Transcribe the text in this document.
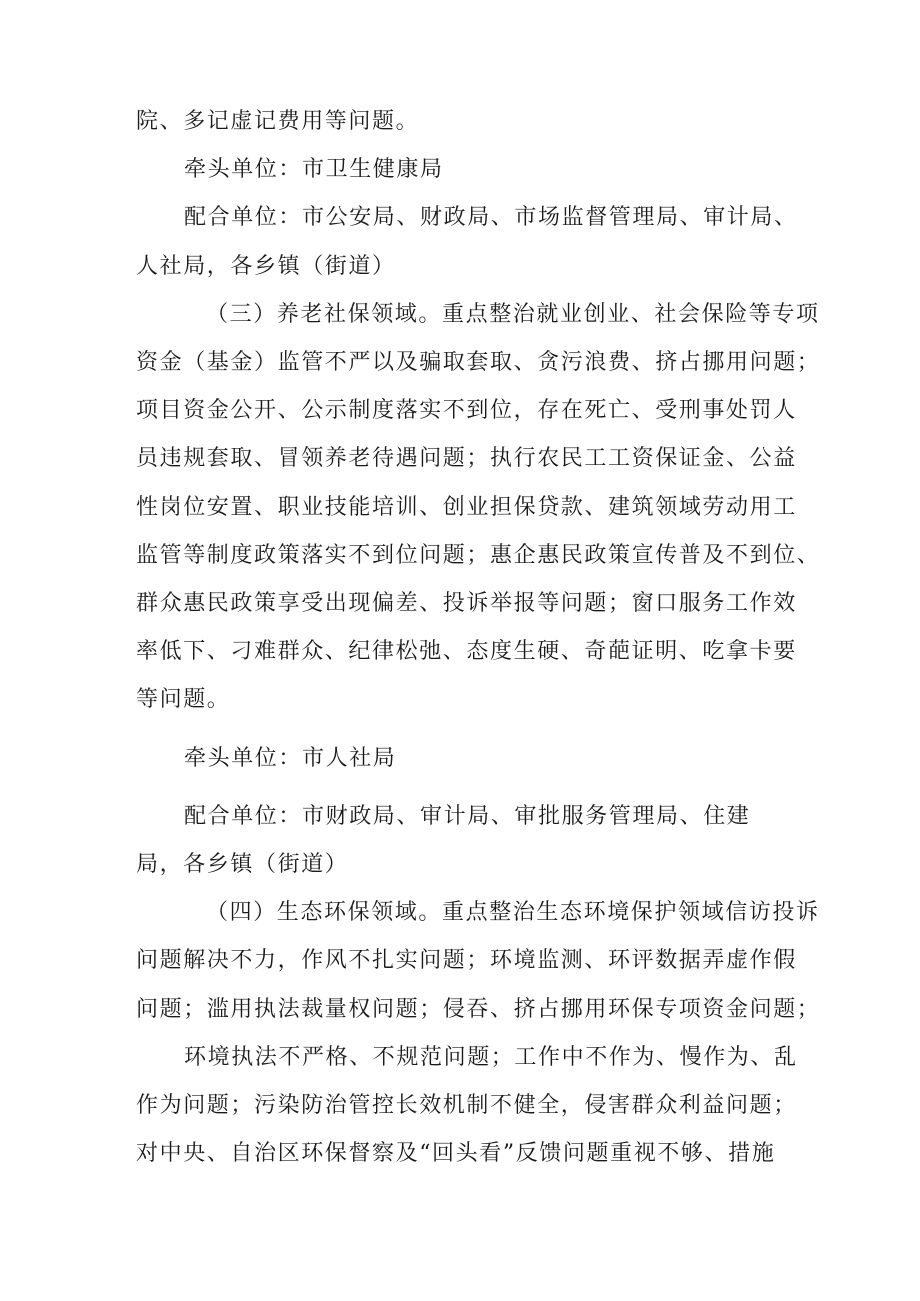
院、多记虚记费用等问题。

牵头单位：市卫生健康局

配合单位：市公安局、财政局、市场监督管理局、审计局、

人社局，各乡镇（街道）

（三）养老社保领域。重点整治就业创业、社会保险等专项

资金（基金）监管不严以及骗取套取、贪污浪费、挤占挪用问题；

项目资金公开、公示制度落实不到位，存在死亡、受刑事处罚人

员违规套取、冒领养老待遇问题；执行农民工工资保证金、公益

性岗位安置、职业技能培训、创业担保贷款、建筑领域劳动用工

监管等制度政策落实不到位问题；惠企惠民政策宣传普及不到位、

群众惠民政策享受出现偏差、投诉举报等问题；窗口服务工作效

率低下、刁难群众、纪律松弛、态度生硬、奇葩证明、吃拿卡要

等问题。

牵头单位：市人社局

配合单位：市财政局、审计局、审批服务管理局、住建

局，各乡镇（街道）

（四）生态环保领域。重点整治生态环境保护领域信访投诉

问题解决不力，作风不扎实问题；环境监测、环评数据弄虚作假

问题；滥用执法裁量权问题；侵吞、挤占挪用环保专项资金问题；

环境执法不严格、不规范问题；工作中不作为、慢作为、乱

作为问题；污染防治管控长效机制不健全，侵害群众利益问题；

对中央、自治区环保督察及“回头看”反馈问题重视不够、措施
